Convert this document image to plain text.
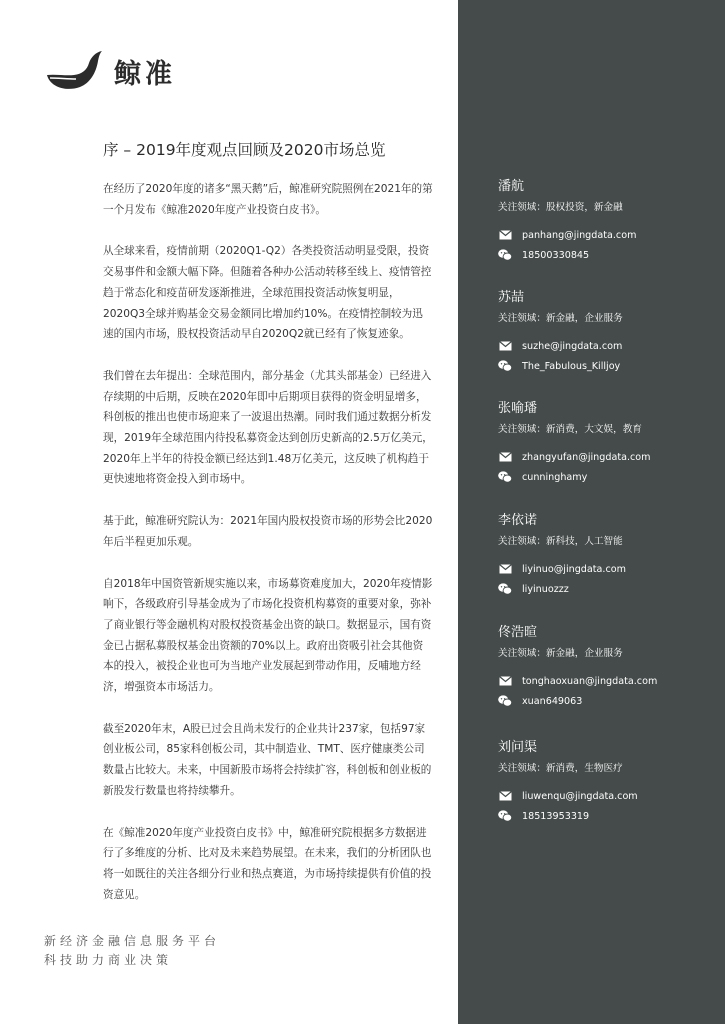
鲸准
序 – 2019年度观点回顾及2020市场总览

在经历了2020年度的诸多“黑天鹅”后，鲸准研究院照例在2021年的第一个月发布《鲸准2020年度产业投资白皮书》。

从全球来看，疫情前期（2020Q1-Q2）各类投资活动明显受限，投资交易事件和金额大幅下降。但随着各种办公活动转移至线上、疫情管控趋于常态化和疫苗研发逐渐推进，全球范围投资活动恢复明显，2020Q3全球并购基金交易金额同比增加约10%。在疫情控制较为迅速的国内市场，股权投资活动早自2020Q2就已经有了恢复迹象。

我们曾在去年提出：全球范围内，部分基金（尤其头部基金）已经进入存续期的中后期，反映在2020年即中后期项目获得的资金明显增多，科创板的推出也使市场迎来了一波退出热潮。同时我们通过数据分析发现，2019年全球范围内待投私募资金达到创历史新高的2.5万亿美元，2020年上半年的待投金额已经达到1.48万亿美元，这反映了机构趋于更快速地将资金投入到市场中。

基于此，鲸准研究院认为：2021年国内股权投资市场的形势会比2020年后半程更加乐观。

自2018年中国资管新规实施以来，市场募资难度加大，2020年疫情影响下，各级政府引导基金成为了市场化投资机构募资的重要对象，弥补了商业银行等金融机构对股权投资基金出资的缺口。数据显示，国有资金已占据私募股权基金出资额的70%以上。政府出资吸引社会其他资本的投入，被投企业也可为当地产业发展起到带动作用，反哺地方经济，增强资本市场活力。

截至2020年末，A股已过会且尚未发行的企业共计237家，包括97家创业板公司，85家科创板公司，其中制造业、TMT、医疗健康类公司数量占比较大。未来，中国新股市场将会持续扩容，科创板和创业板的新股发行数量也将持续攀升。

在《鲸准2020年度产业投资白皮书》中，鲸准研究院根据多方数据进行了多维度的分析、比对及未来趋势展望。在未来，我们的分析团队也将一如既往的关注各细分行业和热点赛道，为市场持续提供有价值的投资意见。

新经济金融信息服务平台
科技助力商业决策
潘航
关注领域：股权投资，新金融
panhang@jingdata.com
18500330845
苏喆
关注领域：新金融，企业服务
suzhe@jingdata.com
The_Fabulous_Killjoy
张喻璠
关注领域：新消费，大文娱，教育
zhangyufan@jingdata.com
cunninghamy
李依诺
关注领域：新科技，人工智能
liyinuo@jingdata.com
liyinuozzz
佟浩暄
关注领域：新金融，企业服务
tonghaoxuan@jingdata.com
xuan649063
刘问渠
关注领域：新消费，生物医疗
liuwenqu@jingdata.com
18513953319
